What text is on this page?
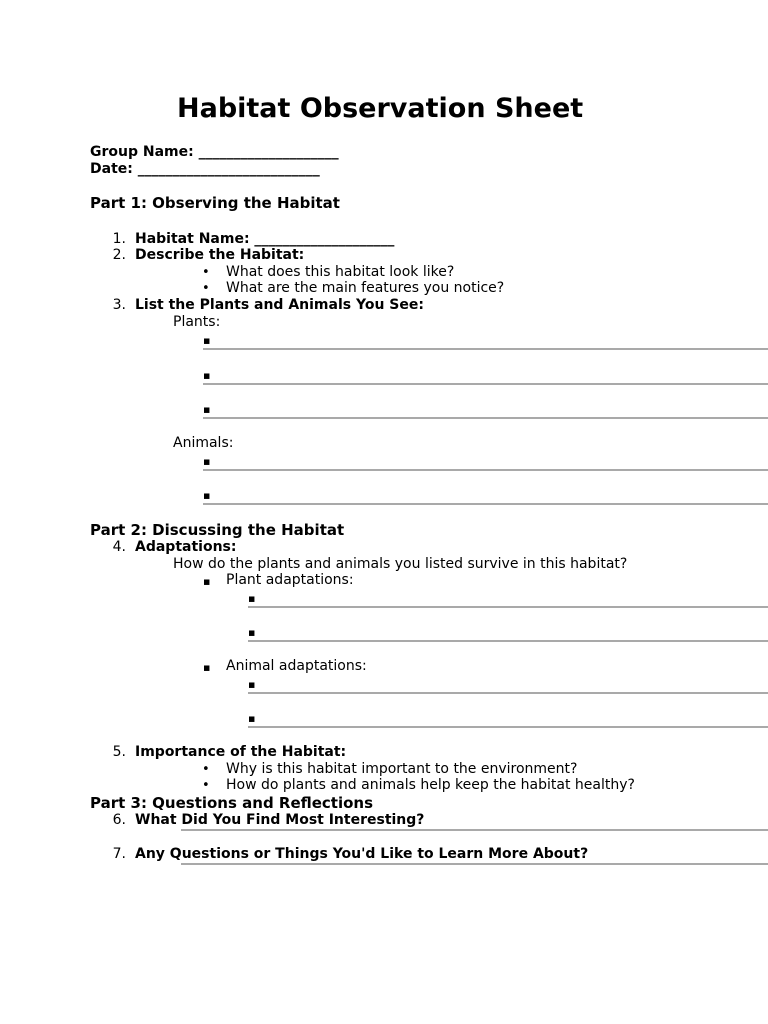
Habitat Observation Sheet
Group Name: ____________________
Date: __________________________
Part 1: Observing the Habitat
1. Habitat Name: ____________________
2. Describe the Habitat:
• What does this habitat look like?
• What are the main features you notice?
3. List the Plants and Animals You See:
Plants:
▪
▪
▪
Animals:
▪
▪
Part 2: Discussing the Habitat
4. Adaptations:
How do the plants and animals you listed survive in this habitat?
▪ Plant adaptations:
▪
▪
▪ Animal adaptations:
▪
▪
5. Importance of the Habitat:
• Why is this habitat important to the environment?
• How do plants and animals help keep the habitat healthy?
Part 3: Questions and Reflections
6. What Did You Find Most Interesting?
7. Any Questions or Things You'd Like to Learn More About?
